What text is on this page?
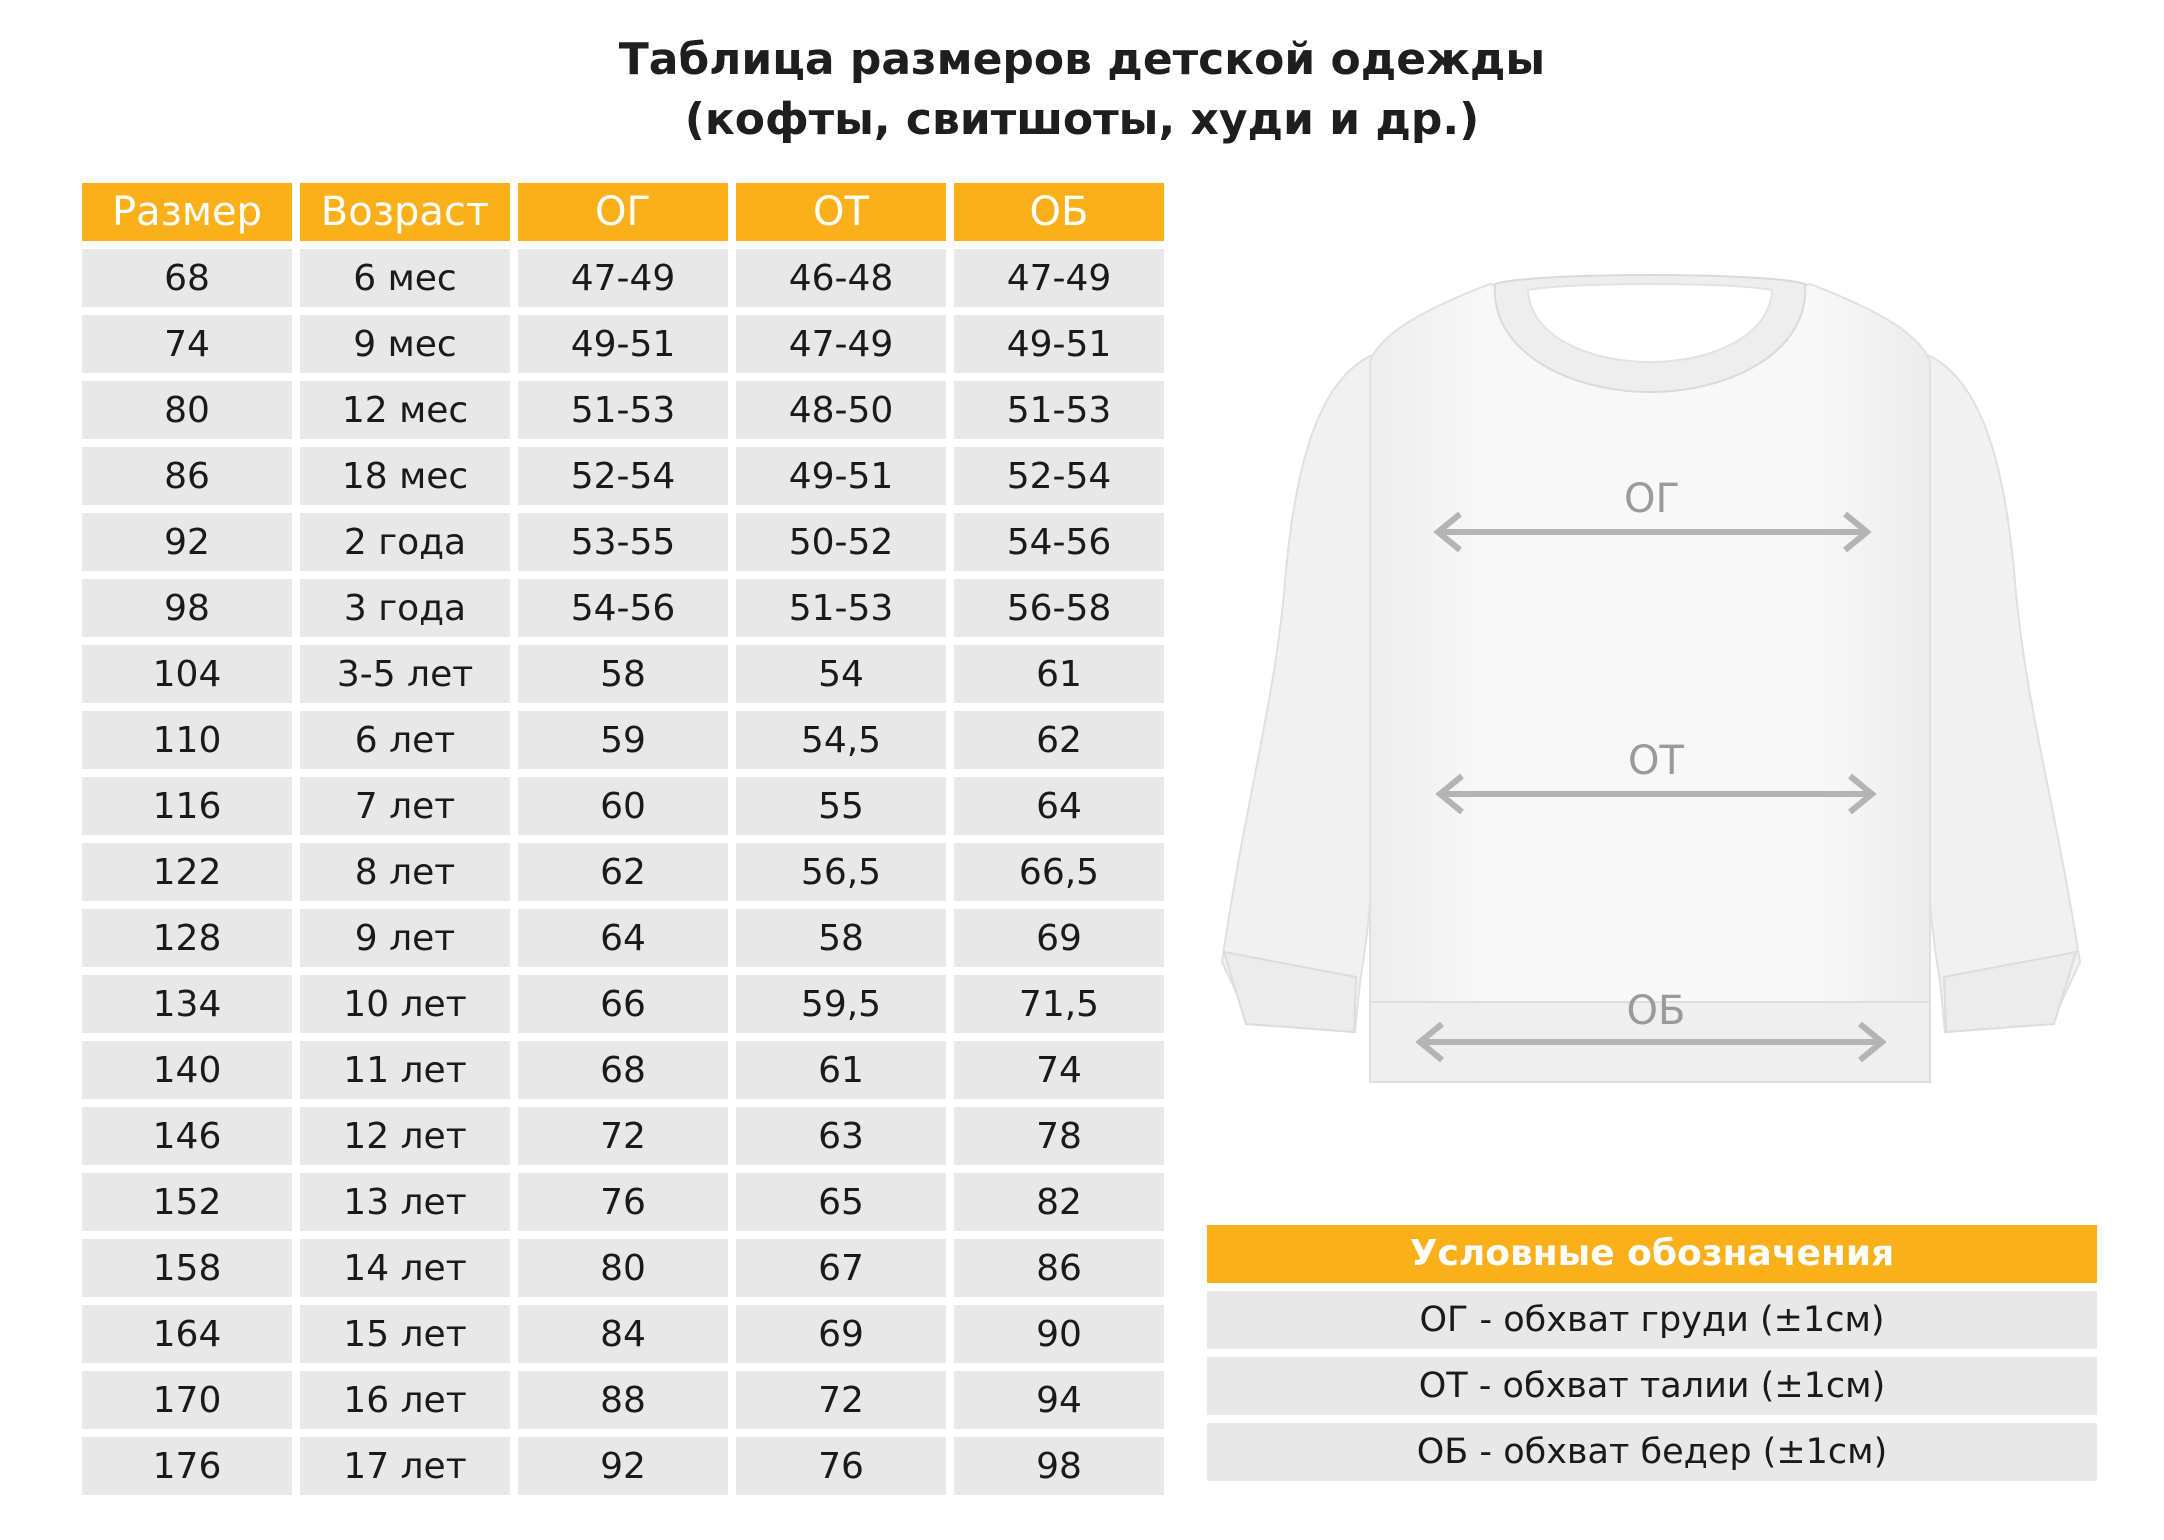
Таблица размеров детской одежды
(кофты, свитшоты, худи и др.)
Размер	Возраст	ОГ	ОТ	ОБ
68	6 мес	47-49	46-48	47-49
74	9 мес	49-51	47-49	49-51
80	12 мес	51-53	48-50	51-53
86	18 мес	52-54	49-51	52-54
92	2 года	53-55	50-52	54-56
98	3 года	54-56	51-53	56-58
104	3-5 лет	58	54	61
110	6 лет	59	54,5	62
116	7 лет	60	55	64
122	8 лет	62	56,5	66,5
128	9 лет	64	58	69
134	10 лет	66	59,5	71,5
140	11 лет	68	61	74
146	12 лет	72	63	78
152	13 лет	76	65	82
158	14 лет	80	67	86
164	15 лет	84	69	90
170	16 лет	88	72	94
176	17 лет	92	76	98
ОГ
ОТ
ОБ
Условные обозначения
ОГ - обхват груди (±1см)
ОТ - обхват талии (±1см)
ОБ - обхват бедер (±1см)
